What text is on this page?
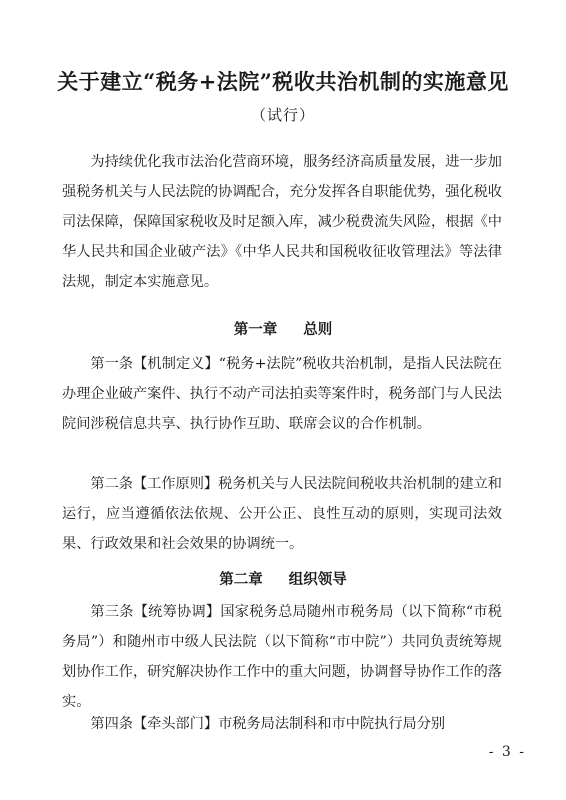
关于建立“税务+法院”税收共治机制的实施意见
（试行）
为持续优化我市法治化营商环境，服务经济高质量发展，进一步加强税务机关与人民法院的协调配合，充分发挥各自职能优势，强化税收司法保障，保障国家税收及时足额入库，减少税费流失风险，根据《中华人民共和国企业破产法》《中华人民共和国税收征收管理法》等法律法规，制定本实施意见。
第一章 总则
第一条【机制定义】“税务+法院”税收共治机制，是指人民法院在办理企业破产案件、执行不动产司法拍卖等案件时，税务部门与人民法院间涉税信息共享、执行协作互助、联席会议的合作机制。
第二条【工作原则】税务机关与人民法院间税收共治机制的建立和运行，应当遵循依法依规、公开公正、良性互动的原则，实现司法效果、行政效果和社会效果的协调统一。
第二章 组织领导
第三条【统筹协调】国家税务总局随州市税务局（以下简称“市税务局”）和随州市中级人民法院（以下简称“市中院”）共同负责统筹规划协作工作，研究解决协作工作中的重大问题，协调督导协作工作的落实。
第四条【牵头部门】市税务局法制科和市中院执行局分别
- 3 -
